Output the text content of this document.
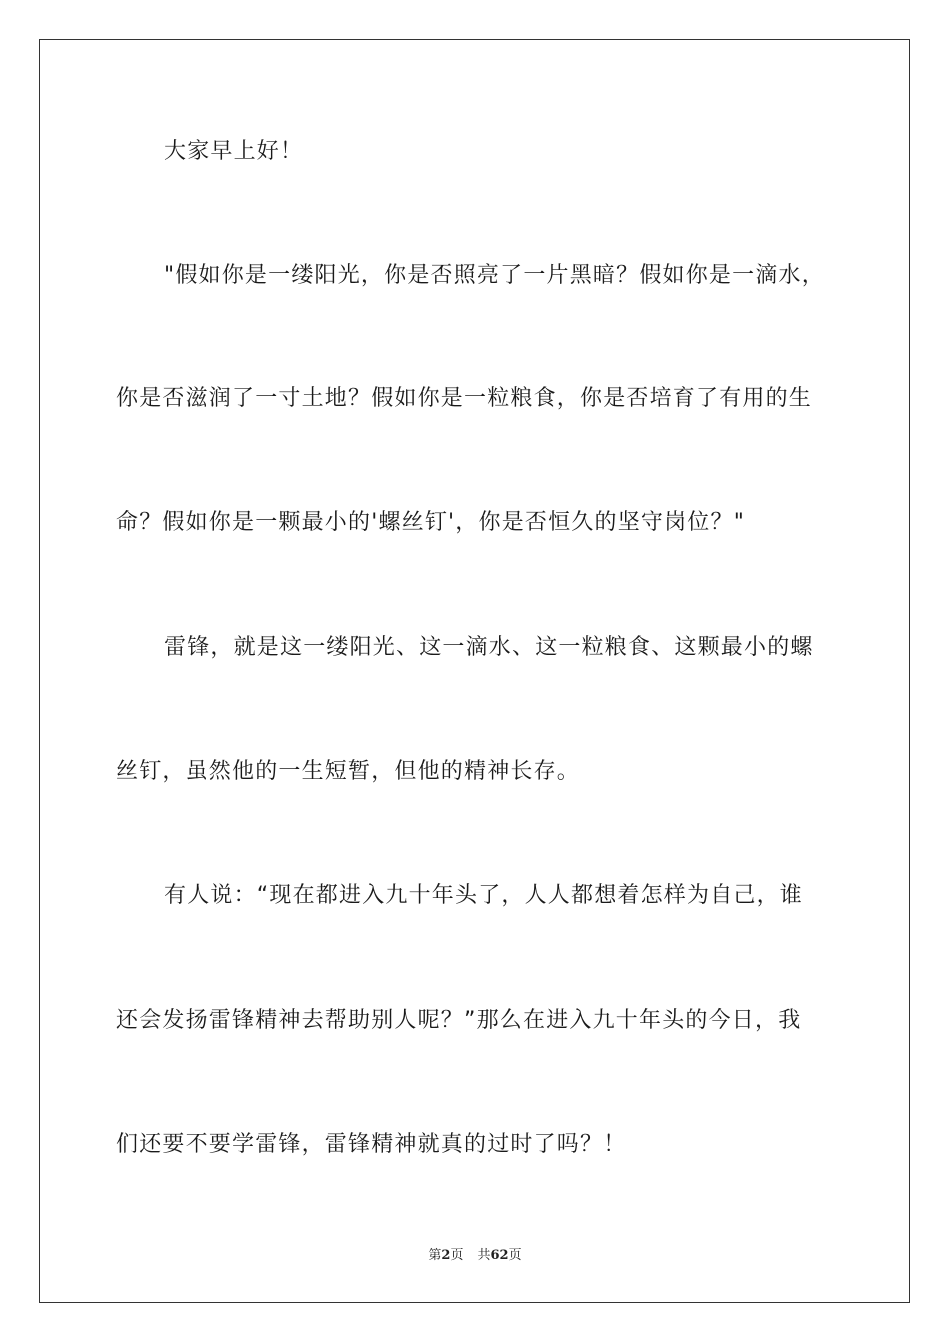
大家早上好！
"假如你是一缕阳光，你是否照亮了一片黑暗？假如你是一滴水，
你是否滋润了一寸土地？假如你是一粒粮食，你是否培育了有用的生
命？假如你是一颗最小的'螺丝钉'，你是否恒久的坚守岗位？"
雷锋，就是这一缕阳光、这一滴水、这一粒粮食、这颗最小的螺
丝钉，虽然他的一生短暂，但他的精神长存。
有人说：“现在都进入九十年头了，人人都想着怎样为自己，谁
还会发扬雷锋精神去帮助别人呢？”那么在进入九十年头的今日，我
们还要不要学雷锋，雷锋精神就真的过时了吗？！
第2页 共62页
